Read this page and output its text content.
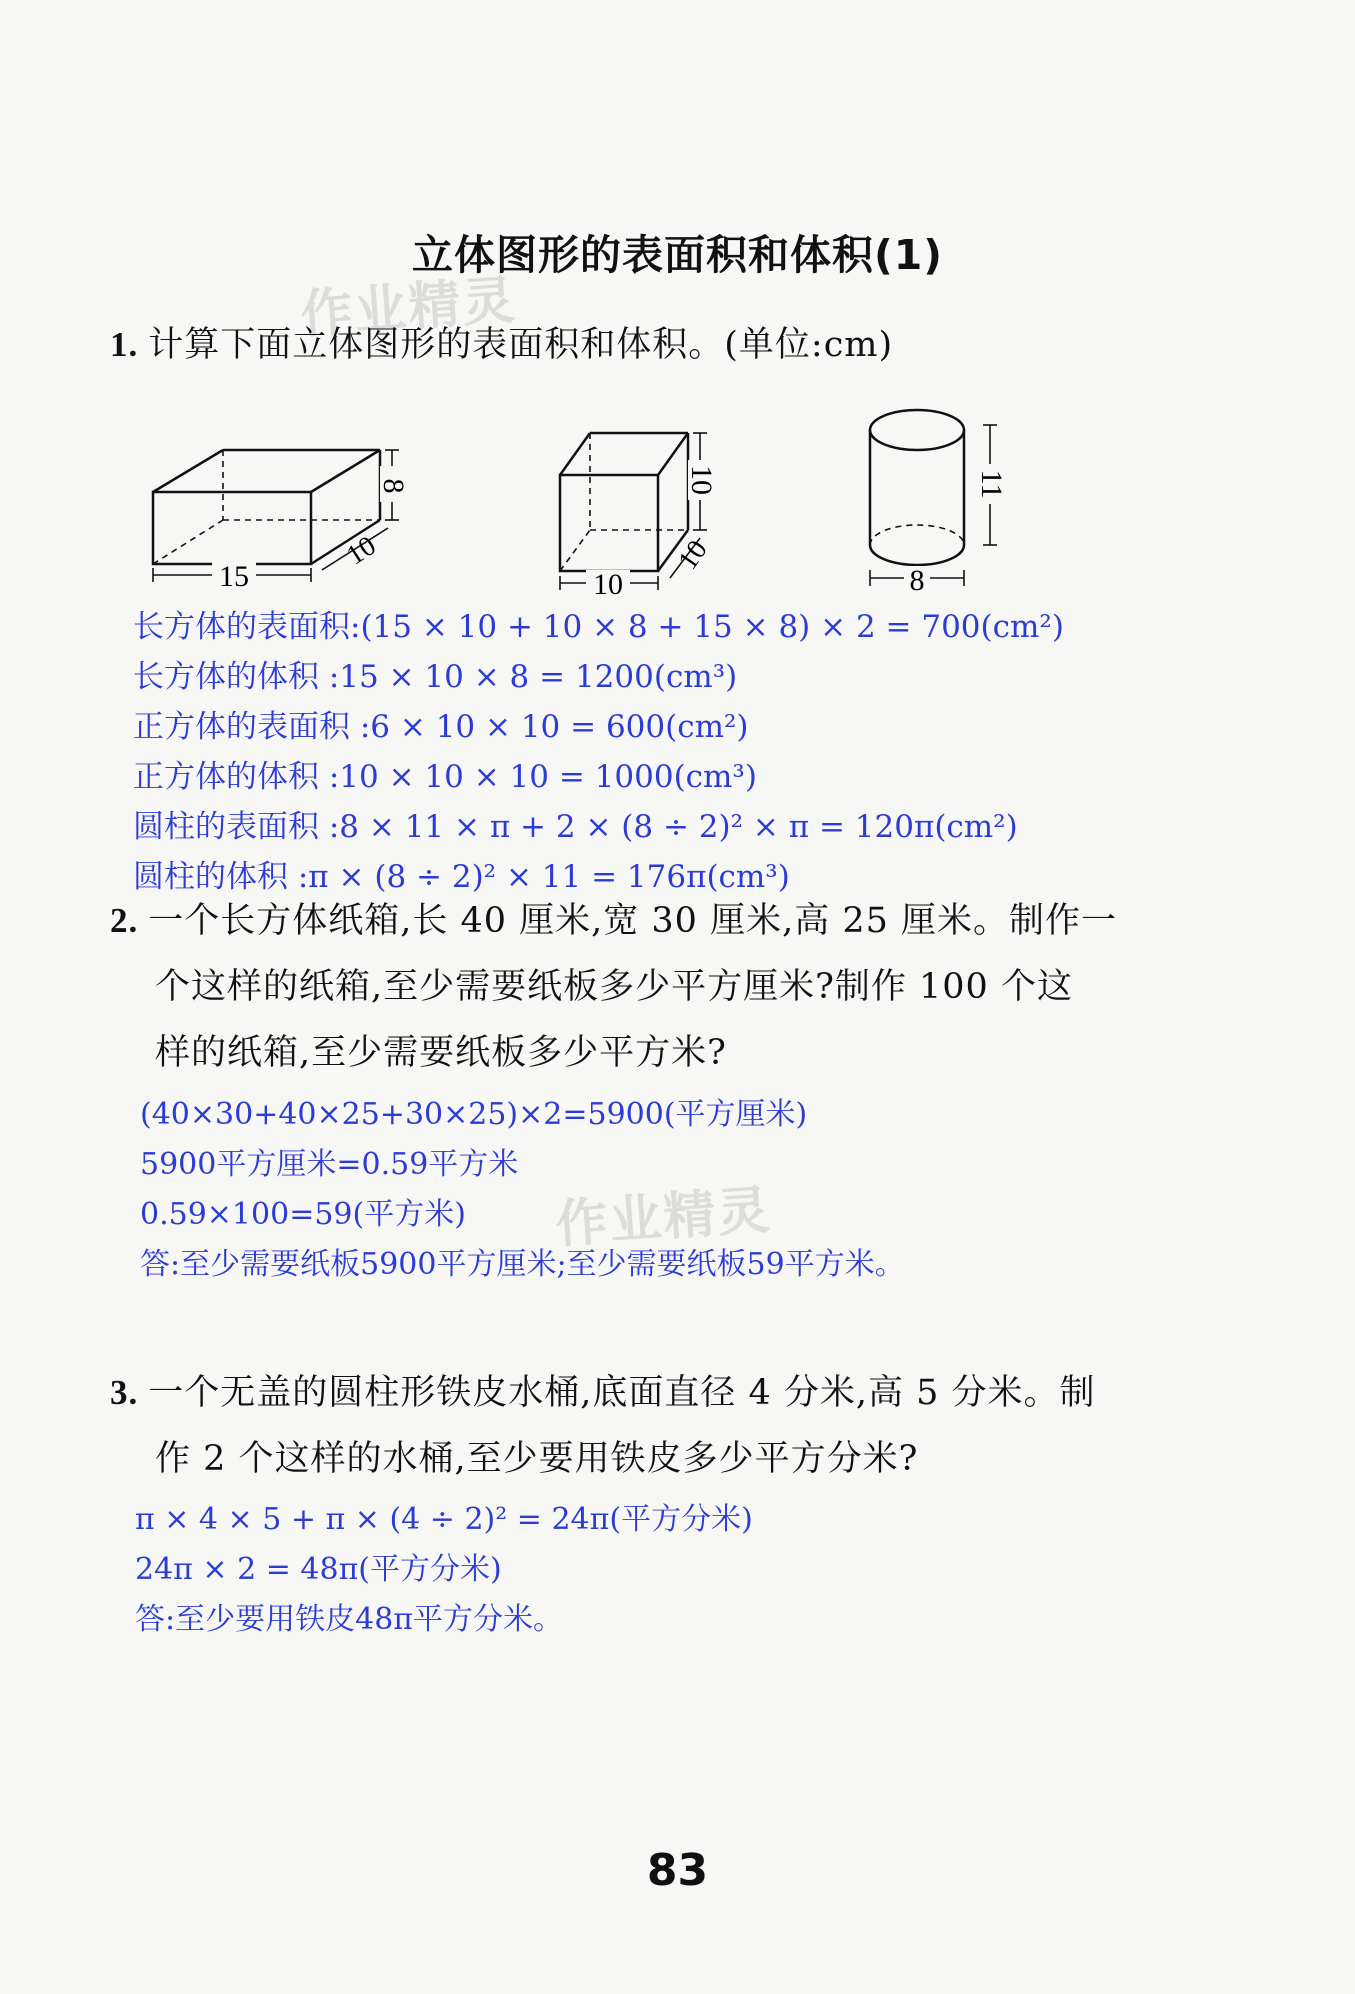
立体图形的表面积和体积(1)
作业精灵
作业精灵
1. 计算下面立体图形的表面积和体积。(单位:cm)
15
8
10
10
10
10
8
11
长方体的表面积:(15 × 10 + 10 × 8 + 15 × 8) × 2 = 700(cm²)
长方体的体积 :15 × 10 × 8 = 1200(cm³)
正方体的表面积 :6 × 10 × 10 = 600(cm²)
正方体的体积 :10 × 10 × 10 = 1000(cm³)
圆柱的表面积 :8 × 11 × π + 2 × (8 ÷ 2)² × π = 120π(cm²)
圆柱的体积 :π × (8 ÷ 2)² × 11 = 176π(cm³)
2. 一个长方体纸箱,长 40 厘米,宽 30 厘米,高 25 厘米。制作一
个这样的纸箱,至少需要纸板多少平方厘米?制作 100 个这
样的纸箱,至少需要纸板多少平方米?
(40×30+40×25+30×25)×2=5900(平方厘米)
5900平方厘米=0.59平方米
0.59×100=59(平方米)
答:至少需要纸板5900平方厘米;至少需要纸板59平方米。
3. 一个无盖的圆柱形铁皮水桶,底面直径 4 分米,高 5 分米。制
作 2 个这样的水桶,至少要用铁皮多少平方分米?
π × 4 × 5 + π × (4 ÷ 2)² = 24π(平方分米)
24π × 2 = 48π(平方分米)
答:至少要用铁皮48π平方分米。
83
